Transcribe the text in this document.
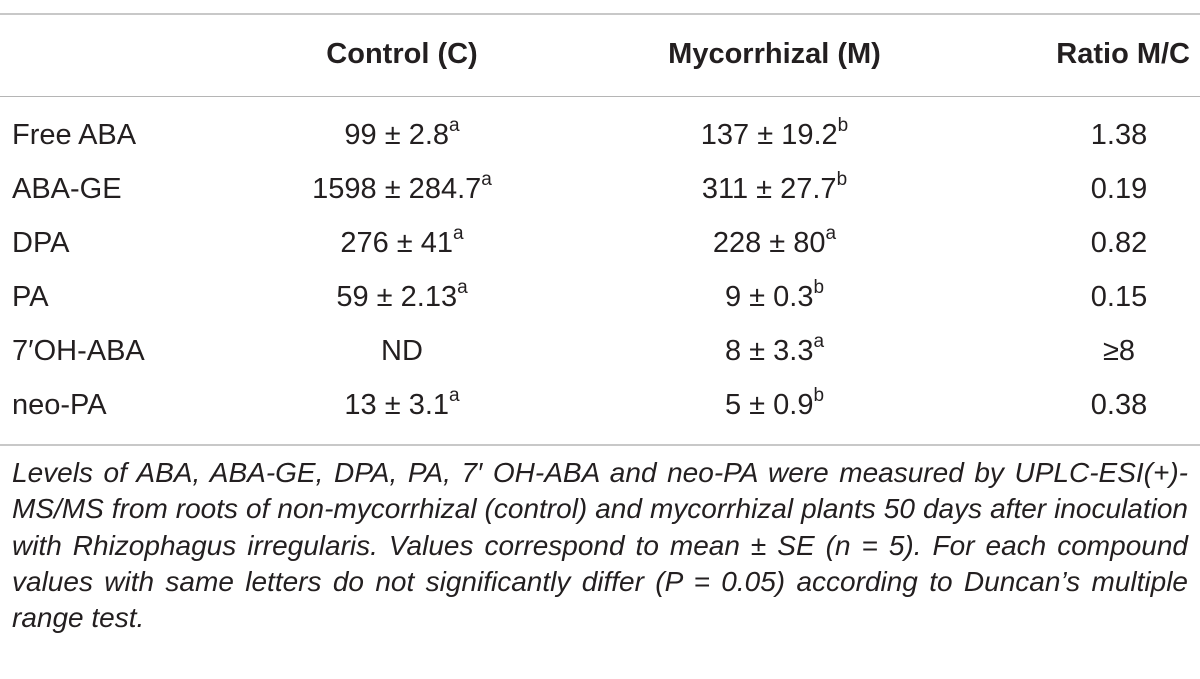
Control (C)	Mycorrhizal (M)	Ratio M/C
Free ABA	99 ± 2.8$^a$	137 ± 19.2$^b$	1.38
ABA-GE	1598 ± 284.7$^a$	311 ± 27.7$^b$	0.19
DPA	$276 \pm 41^a$	$228 \pm 80^a$	0.82
PA	59 ± 2.13$^a$	9 ± 0.3$^b$	0.15
7′OH-ABA	ND	8 ± 3.3$^a$	≥8
neo-PA	13 ± 3.1$^a$	5 ± 0.9$^b$	0.38
Levels of ABA, ABA-GE, DPA, PA, 7′ OH-ABA and neo-PA were measured by UPLC-ESI(+)-MS/MS from roots of non-mycorrhizal (control) and mycorrhizal plants 50 days after inoculation with Rhizophagus irregularis. Values correspond to mean ± SE (n = 5). For each compound values with same letters do not significantly differ (P = 0.05) according to Duncan’s multiple range test.
